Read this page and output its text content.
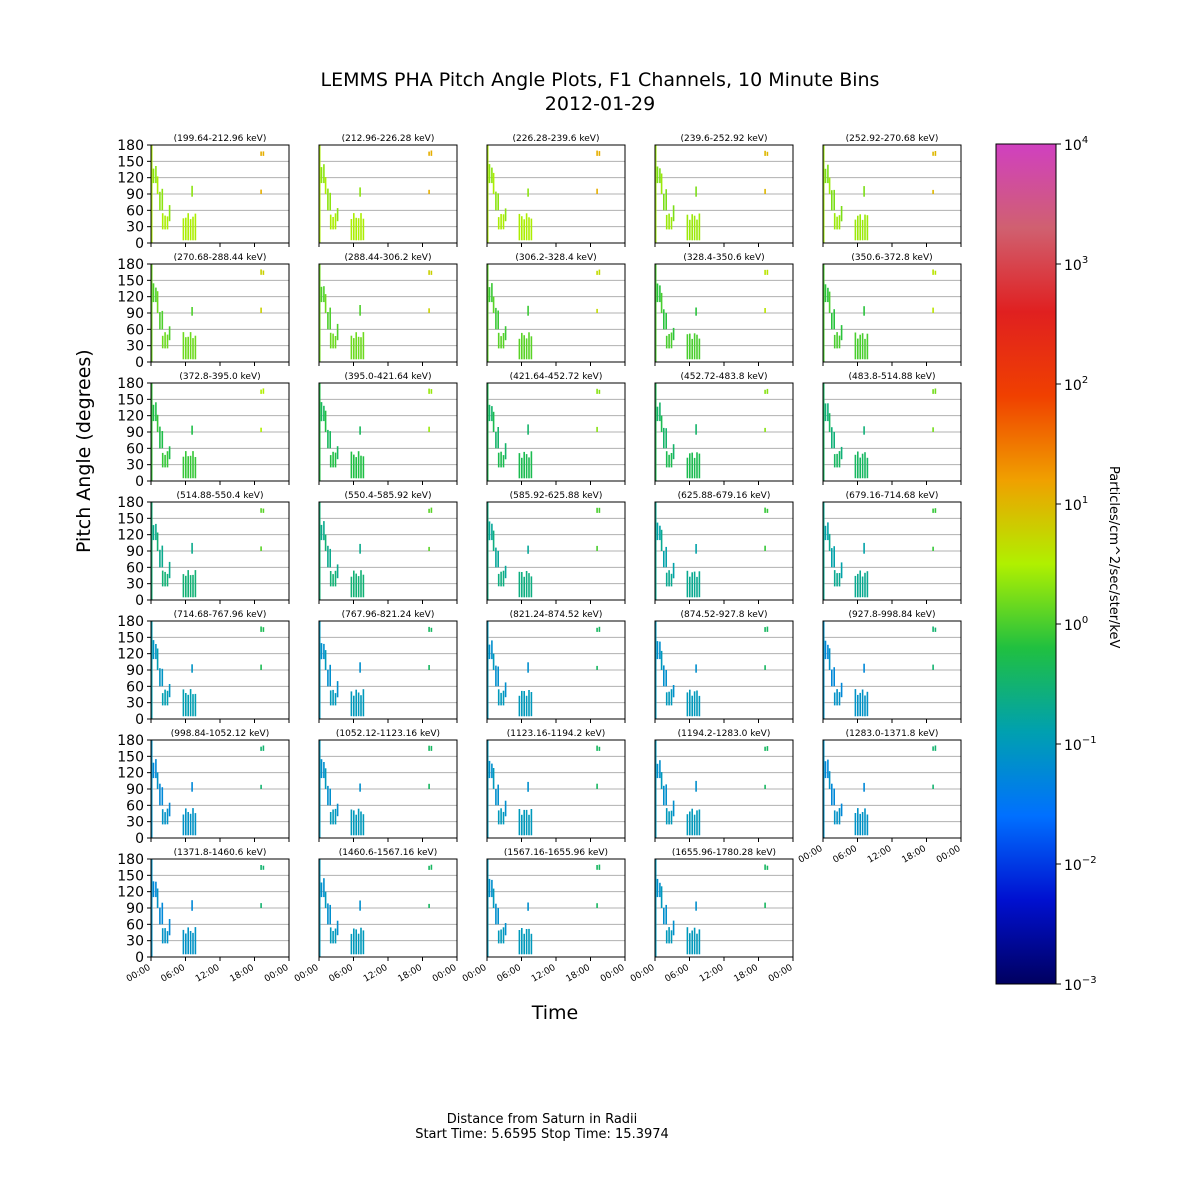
LEMMS PHA Pitch Angle Plots, F1 Channels, 10 Minute Bins
2012-01-29
Pitch Angle (degrees)
Time
(199.64-212.96 keV)
0
30
60
90
120
150
180	(212.96-226.28 keV)	(226.28-239.6 keV)	(239.6-252.92 keV)	(252.92-270.68 keV)
(270.68-288.44 keV)
0
30
60
90
120
150
180	(288.44-306.2 keV)	(306.2-328.4 keV)	(328.4-350.6 keV)	(350.6-372.8 keV)
(372.8-395.0 keV)
0
30
60
90
120
150
180	(395.0-421.64 keV)	(421.64-452.72 keV)	(452.72-483.8 keV)	(483.8-514.88 keV)
(514.88-550.4 keV)
0
30
60
90
120
150
180	(550.4-585.92 keV)	(585.92-625.88 keV)	(625.88-679.16 keV)	(679.16-714.68 keV)
(714.68-767.96 keV)
0
30
60
90
120
150
180	(767.96-821.24 keV)	(821.24-874.52 keV)	(874.52-927.8 keV)	(927.8-998.84 keV)
(998.84-1052.12 keV)
0
30
60
90
120
150
180	(1052.12-1123.16 keV)	(1123.16-1194.2 keV)	(1194.2-1283.0 keV)	(1283.0-1371.8 keV)
00:00 06:00 12:00 18:00 00:00
(1371.8-1460.6 keV)
0
30
60
90
120
150
180
00:00 06:00 12:00 18:00 00:00
(1460.6-1567.16 keV)
00:00 06:00 12:00 18:00 00:00
(1567.16-1655.96 keV)
00:00 06:00 12:00 18:00 00:00
(1655.96-1780.28 keV)
00:00 06:00 12:00 18:00 00:00
$10^4$
$10^3$
$10^2$
$10^1$
$10^0$
$10^{-1}$
$10^{-2}$
$10^{-3}$
Particles/cm^2/sec/ster/keV
Distance from Saturn in Radii
Start Time: 5.6595 Stop Time: 15.3974
